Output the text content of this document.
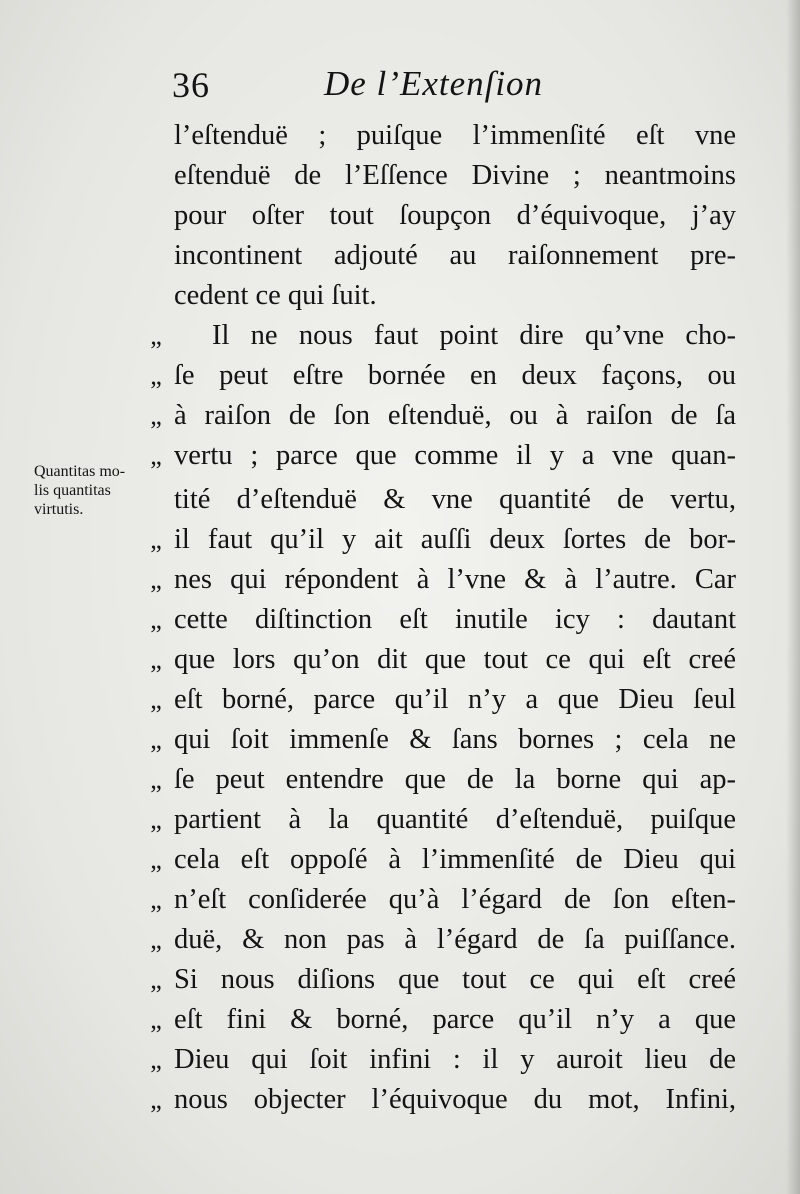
36	De l’Extenſion
Quantitas mo-
lis quantitas
virtutis.
l’eſtenduë ; puiſque l’immenſité eſt vne
eſtenduë de l’Eſſence Divine ; neantmoins
pour oſter tout ſoupçon d’équivoque, j’ay
incontinent adjouté au raiſonnement pre-
cedent ce qui ſuit.
Il ne nous faut point dire qu’vne cho-
„
ſe peut eſtre bornée en deux façons, ou
„
à raiſon de ſon eſtenduë, ou à raiſon de ſa
„
vertu ; parce que comme il y a vne quan-
„
tité d’eſtenduë & vne quantité de vertu,
il faut qu’il y ait auſſi deux ſortes de bor-
„
nes qui répondent à l’vne & à l’autre. Car
„
cette diſtinction eſt inutile icy : dautant
„
que lors qu’on dit que tout ce qui eſt creé
„
eſt borné, parce qu’il n’y a que Dieu ſeul
„
qui ſoit immenſe & ſans bornes ; cela ne
„
ſe peut entendre que de la borne qui ap-
„
partient à la quantité d’eſtenduë, puiſque
„
cela eſt oppoſé à l’immenſité de Dieu qui
„
n’eſt conſiderée qu’à l’égard de ſon eſten-
„
duë, & non pas à l’égard de ſa puiſſance.
„
Si nous diſions que tout ce qui eſt creé
„
eſt fini & borné, parce qu’il n’y a que
„
Dieu qui ſoit infini : il y auroit lieu de
„
nous objecter l’équivoque du mot, Infini,
„
